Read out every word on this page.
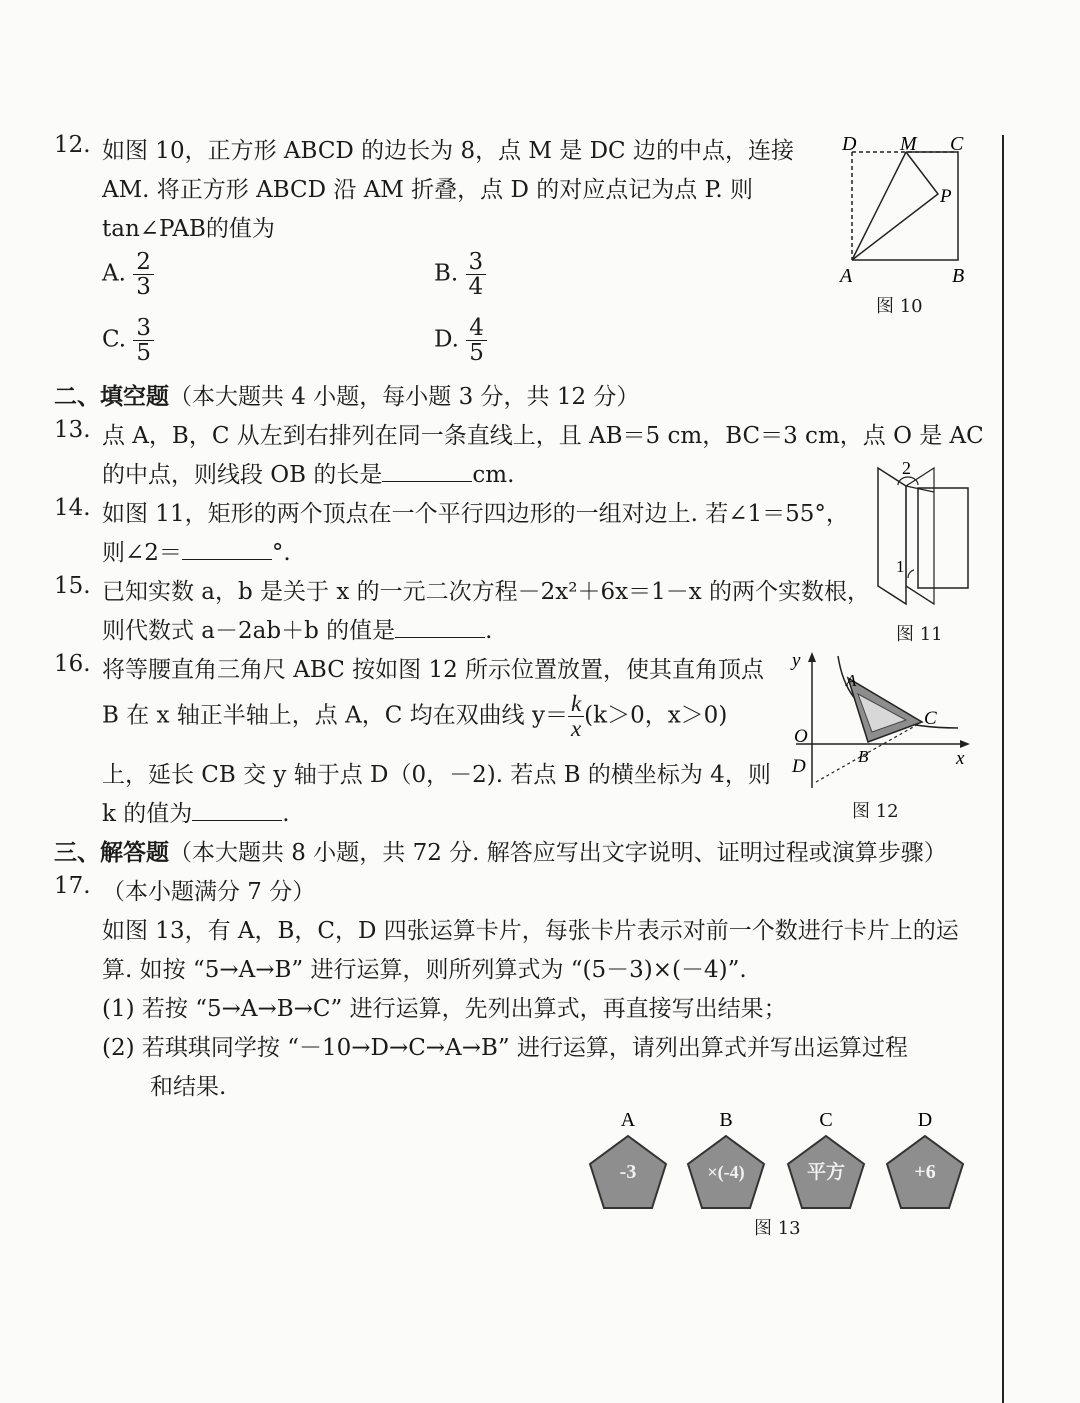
12. 如图 10，正方形 ABCD 的边长为 8，点 M 是 DC 边的中点，连接
AM. 将正方形 ABCD 沿 AM 折叠，点 D 的对应点记为点 P. 则
tan∠PAB的值为
A. $\frac{2}{3}$	B. $\frac{3}{4}$
C. $\frac{3}{5}$	D. $\frac{4}{5}$
D M C
P
A	B
图 10
二、填空题（本大题共 4 小题，每小题 3 分，共 12 分）
13. 点 A，B，C 从左到右排列在同一条直线上，且 AB＝5 cm，BC＝3 cm，点 O 是 AC
的中点，则线段 OB 的长是	cm.
14. 如图 11，矩形的两个顶点在一个平行四边形的一组对边上. 若∠1＝55°，
则∠2＝	°.
2
1
图 11
15. 已知实数 a，b 是关于 x 的一元二次方程－2x²＋6x＝1－x 的两个实数根，
则代数式 a－2ab＋b 的值是	.
16. 将等腰直角三角尺 ABC 按如图 12 所示位置放置，使其直角顶点
B 在 x 轴正半轴上，点 A，C 均在双曲线 $y= \frac{k}{x} (k>0$，x＞0)
上，延长 CB 交 y 轴于点 D（0，－2). 若点 B 的横坐标为 4，则
k 的值为	.
y
x
O
D
A
B
C
图 12
三、解答题（本大题共 8 小题，共 72 分. 解答应写出文字说明、证明过程或演算步骤）
17. （本小题满分 7 分）
如图 13，有 A，B，C，D 四张运算卡片，每张卡片表示对前一个数进行卡片上的运
算. 如按 “5→A→B” 进行运算，则所列算式为 “(5－3)×(－4)”.
(1) 若按 “5→A→B→C” 进行运算，先列出算式，再直接写出结果；
(2) 若琪琪同学按 “－10→D→C→A→B” 进行运算，请列出算式并写出运算过程
和结果.
A
-3
B
×(-4)
C
平方
D
+6
图 13
